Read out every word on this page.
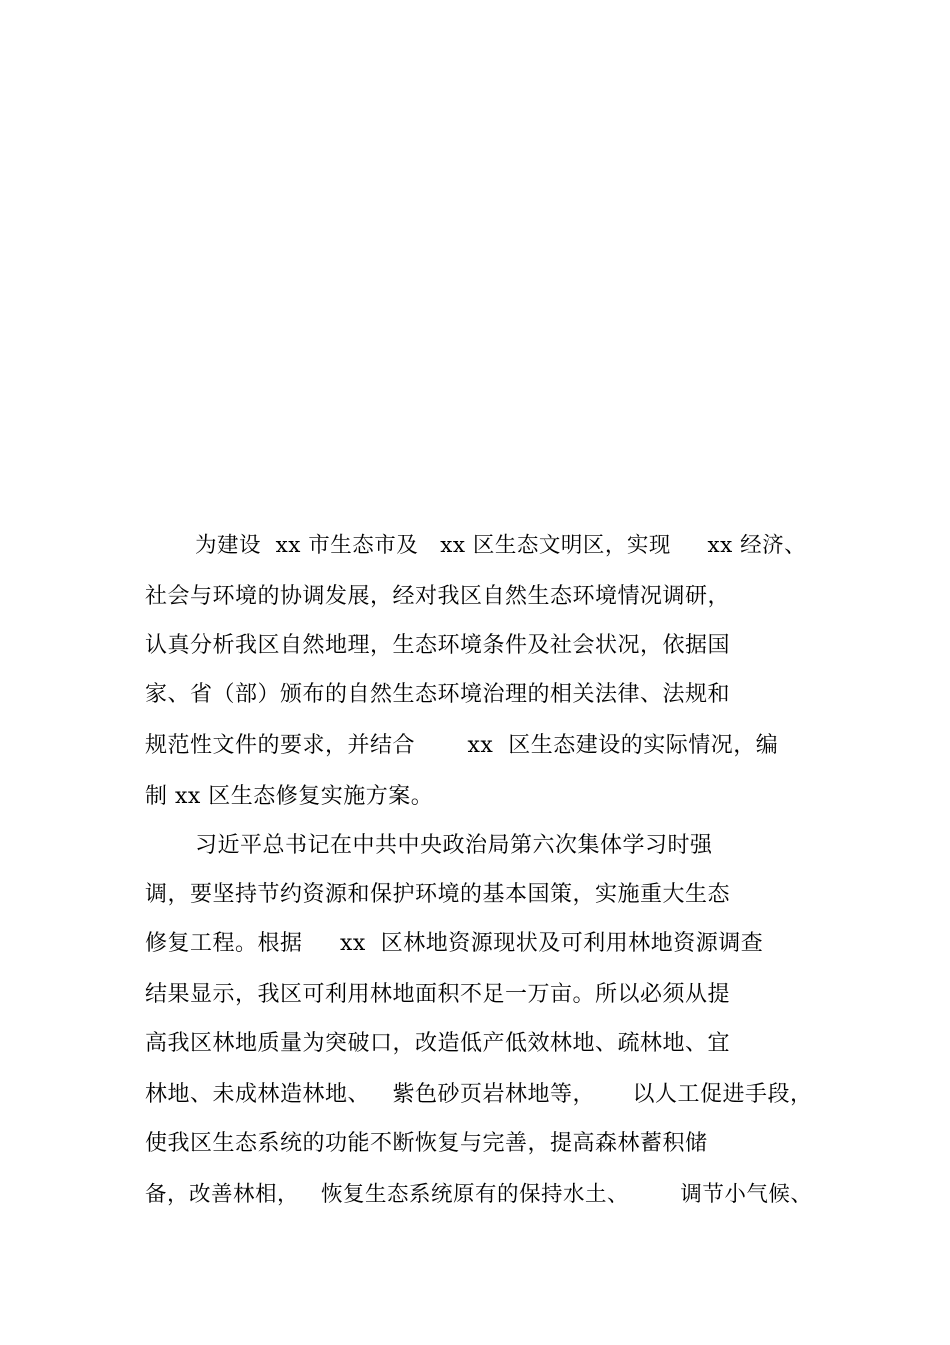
为建设  xx 市生态市及   xx 区生态文明区，实现     xx 经济、
社会与环境的协调发展，经对我区自然生态环境情况调研，
认真分析我区自然地理，生态环境条件及社会状况，依据国
家、省（部）颁布的自然生态环境治理的相关法律、法规和
规范性文件的要求，并结合       xx  区生态建设的实际情况，编
制 xx 区生态修复实施方案。
习近平总书记在中共中央政治局第六次集体学习时强
调，要坚持节约资源和保护环境的基本国策，实施重大生态
修复工程。根据     xx  区林地资源现状及可利用林地资源调查
结果显示，我区可利用林地面积不足一万亩。所以必须从提
高我区林地质量为突破口，改造低产低效林地、疏林地、宜
林地、未成林造林地、   紫色砂页岩林地等，     以人工促进手段，
使我区生态系统的功能不断恢复与完善，提高森林蓄积储
备，改善林相，   恢复生态系统原有的保持水土、       调节小气候、
